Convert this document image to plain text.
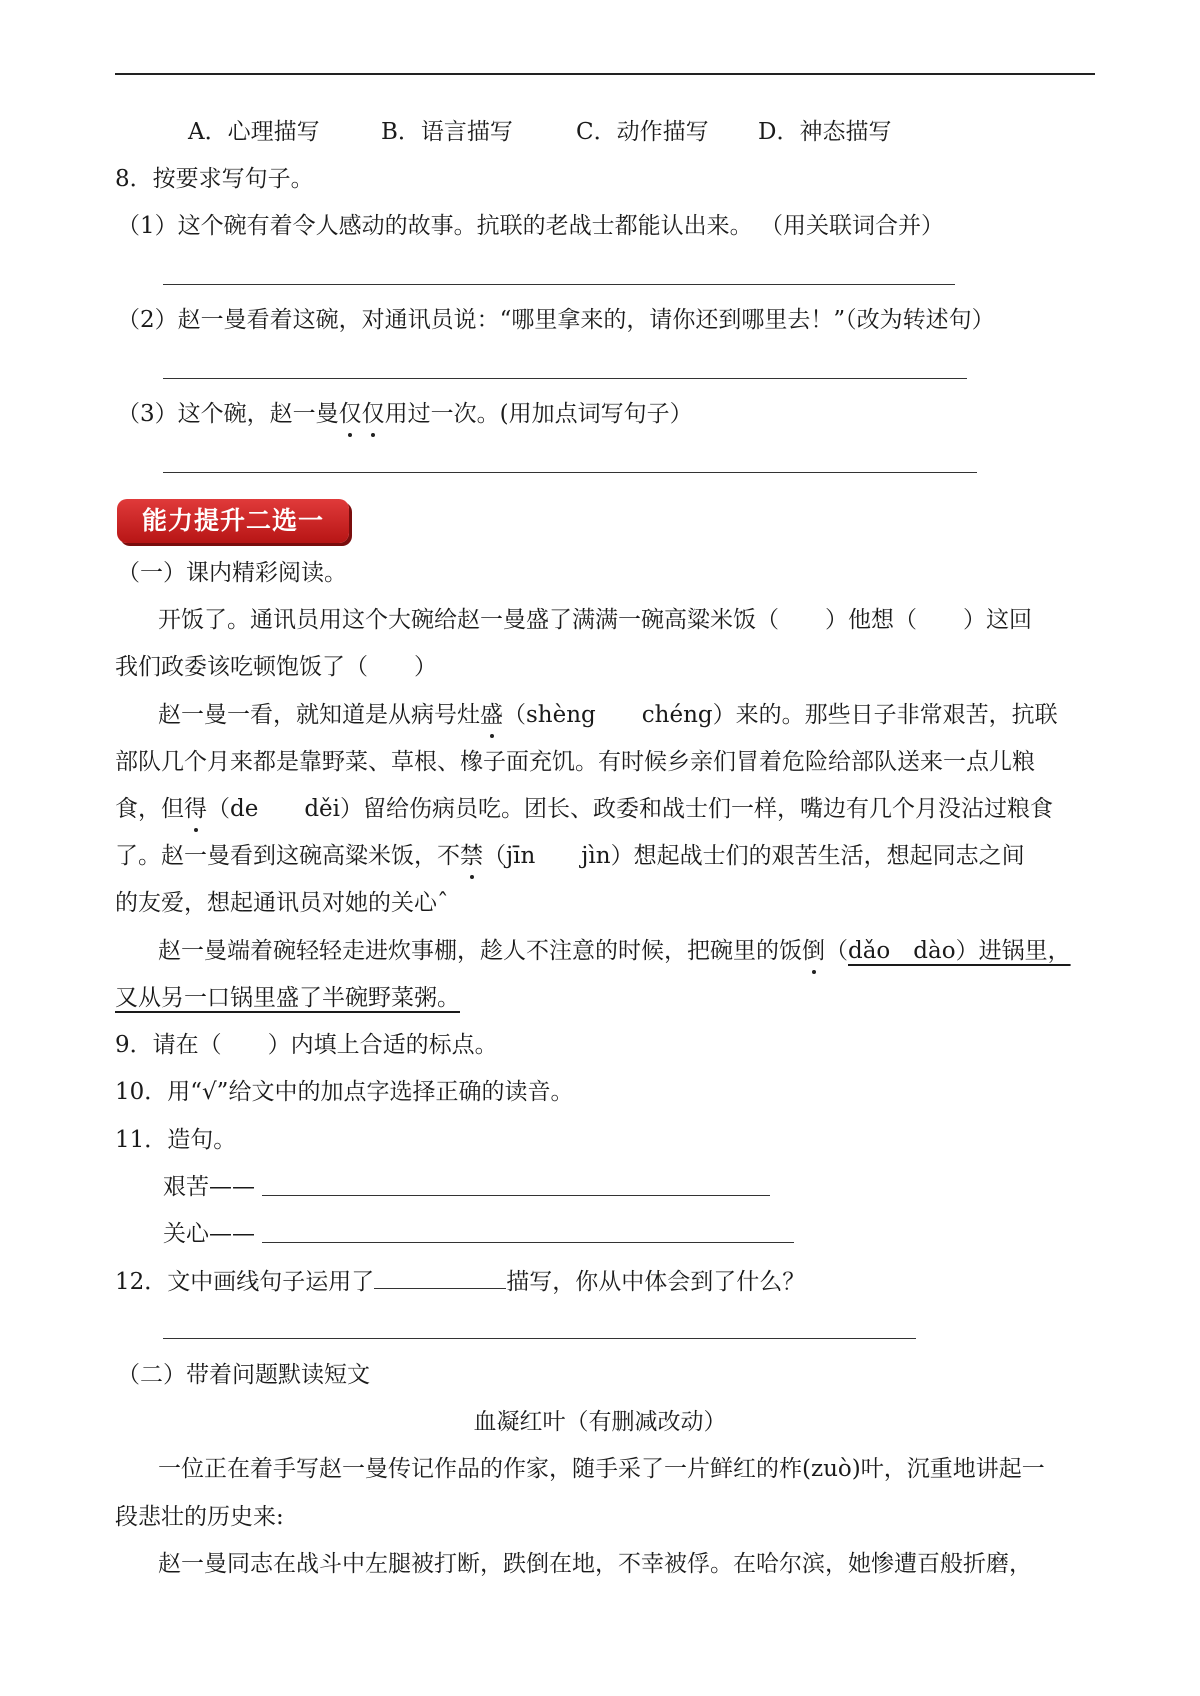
A．心理描写	B．语言描写	C．动作描写 D．神态描写
8．按要求写句子。
（1）这个碗有着令人感动的故事。抗联的老战士都能认出来。 （用关联词合并）
（2）赵一曼看着这碗，对通讯员说：“哪里拿来的，请你还到哪里去！”（改为转述句）
（3）这个碗，赵一曼仅仅用过一次。(用加点词写句子）
能力提升二选一
（一）课内精彩阅读。
开饭了。通讯员用这个大碗给赵一曼盛了满满一碗高粱米饭（　　）他想（　　）这回
我们政委该吃顿饱饭了（　　）
赵一曼一看，就知道是从病号灶盛（shèng　　chéng）来的。那些日子非常艰苦，抗联
部队几个月来都是靠野菜、草根、橡子面充饥。有时候乡亲们冒着危险给部队送来一点儿粮
食，但得（de　　děi）留给伤病员吃。团长、政委和战士们一样，嘴边有几个月没沾过粮食
了。赵一曼看到这碗高粱米饭，不禁（jīn　　jìn）想起战士们的艰苦生活，想起同志之间
的友爱，想起通讯员对她的关心ˆ
赵一曼端着碗轻轻走进炊事棚，趁人不注意的时候，把碗里的饭倒（dǎo　dào）进锅里，
又从另一口锅里盛了半碗野菜粥。
9．请在（　　）内填上合适的标点。
10．用“√”给文中的加点字选择正确的读音。
11．造句。
艰苦——
关心——
12．文中画线句子运用了	描写，你从中体会到了什么？
（二）带着问题默读短文
血凝红叶（有删减改动）
一位正在着手写赵一曼传记作品的作家，随手采了一片鲜红的柞(zuò)叶，沉重地讲起一
段悲壮的历史来:
赵一曼同志在战斗中左腿被打断，跌倒在地，不幸被俘。在哈尔滨，她惨遭百般折磨，
